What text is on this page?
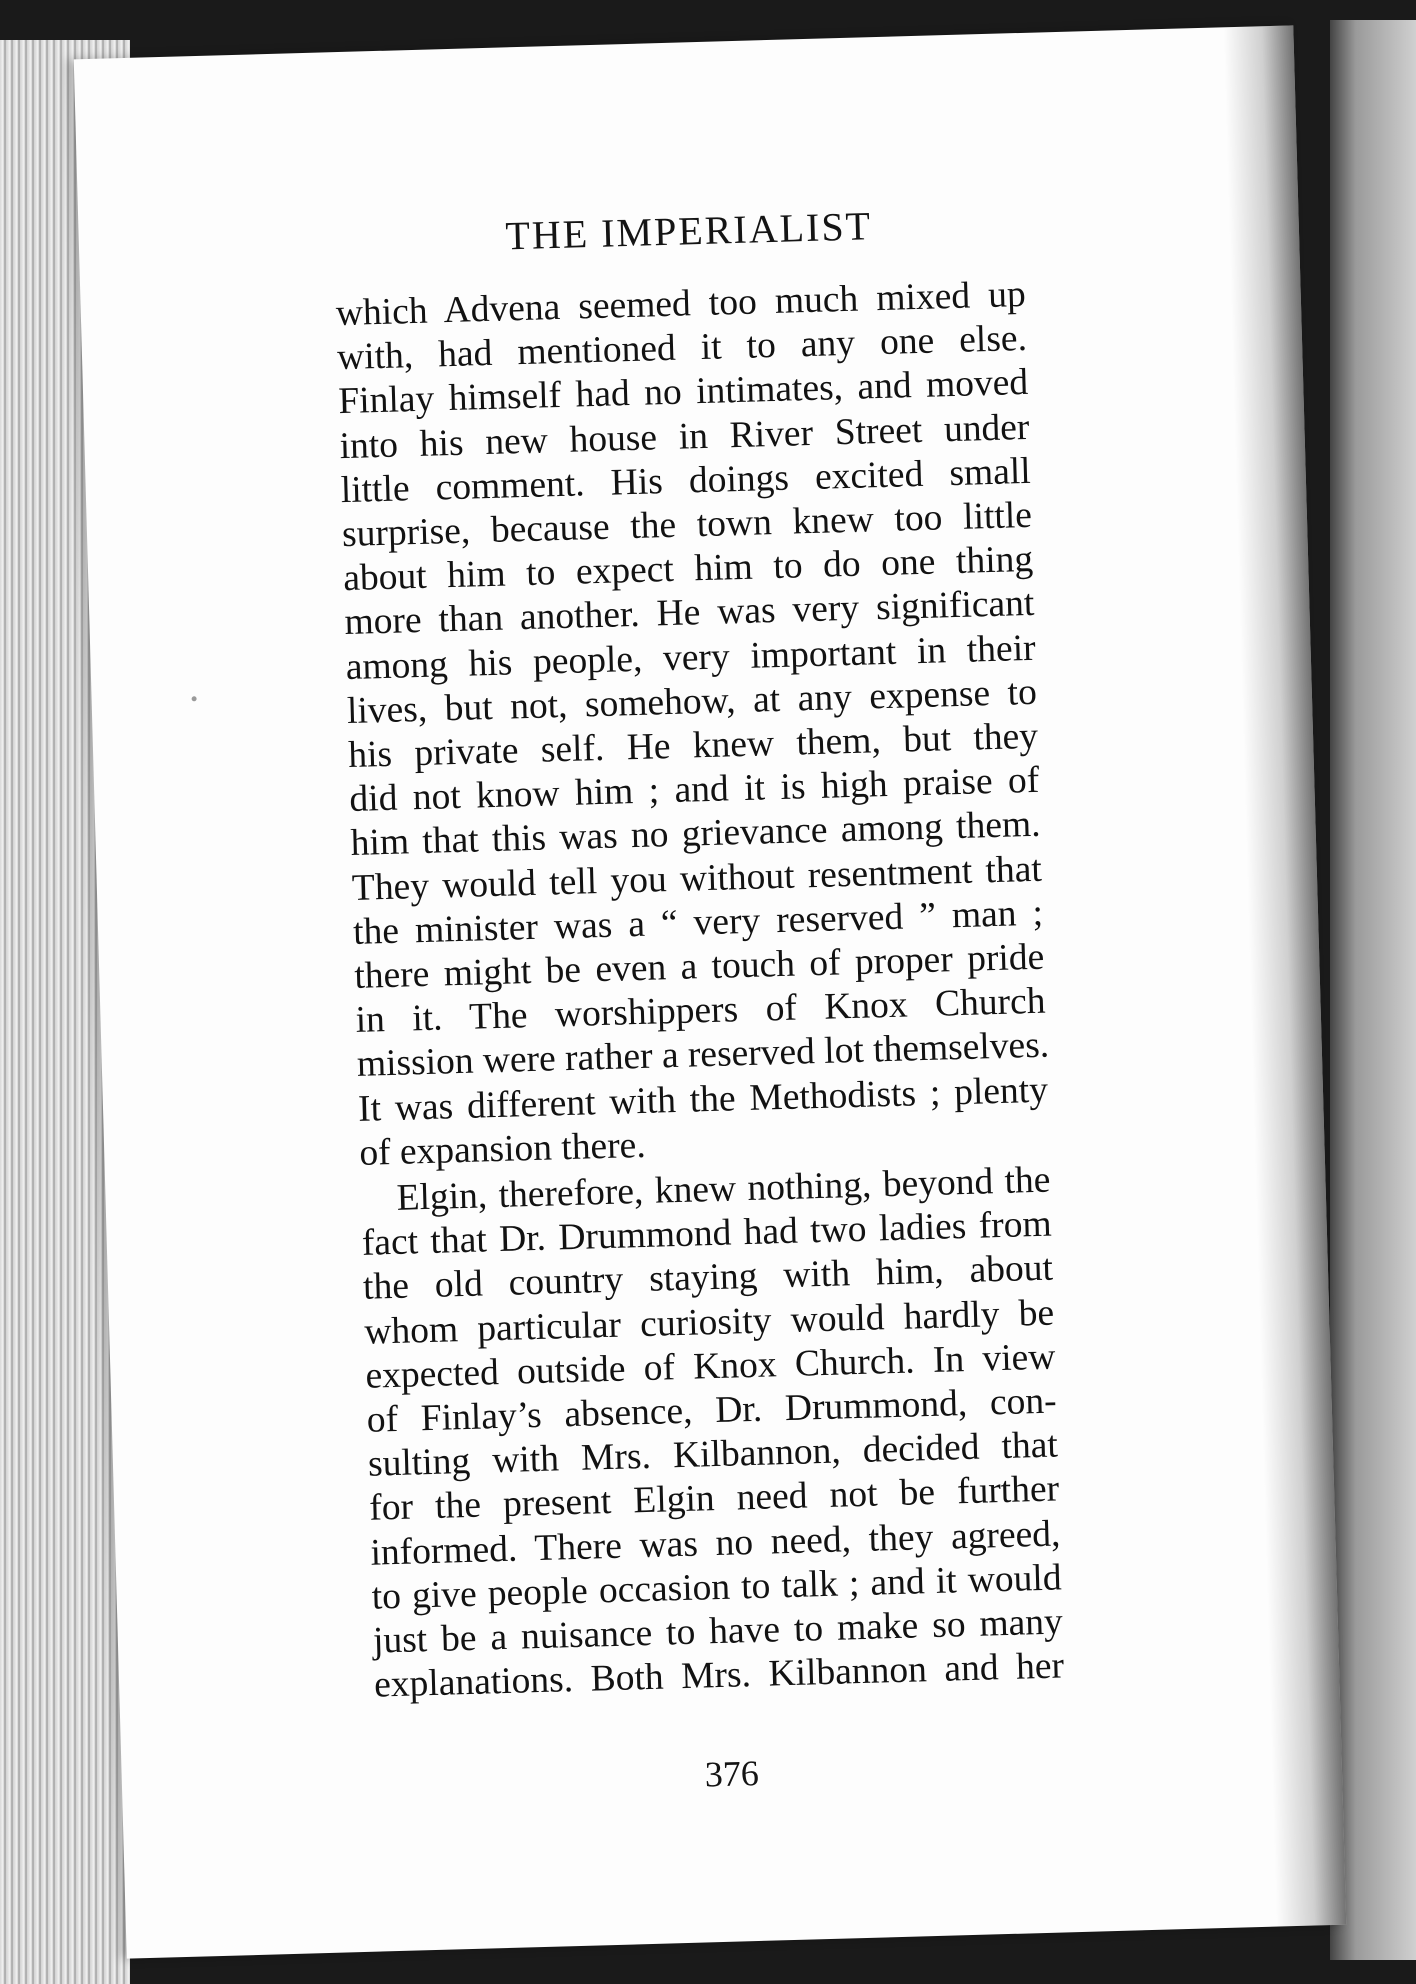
THE IMPERIALIST
which Advena seemed too much mixed up
with, had mentioned it to any one else.
Finlay himself had no intimates, and moved
into his new house in River Street under
little comment. His doings excited small
surprise, because the town knew too little
about him to expect him to do one thing
more than another. He was very significant
among his people, very important in their
lives, but not, somehow, at any expense to
his private self. He knew them, but they
did not know him ; and it is high praise of
him that this was no grievance among them.
They would tell you without resentment that
the minister was a “ very reserved ” man ;
there might be even a touch of proper pride
in it. The worshippers of Knox Church
mission were rather a reserved lot themselves.
It was different with the Methodists ; plenty
of expansion there.
Elgin, therefore, knew nothing, beyond the
fact that Dr. Drummond had two ladies from
the old country staying with him, about
whom particular curiosity would hardly be
expected outside of Knox Church. In view
of Finlay’s absence, Dr. Drummond, con-
sulting with Mrs. Kilbannon, decided that
for the present Elgin need not be further
informed. There was no need, they agreed,
to give people occasion to talk ; and it would
just be a nuisance to have to make so many
explanations. Both Mrs. Kilbannon and her
376
